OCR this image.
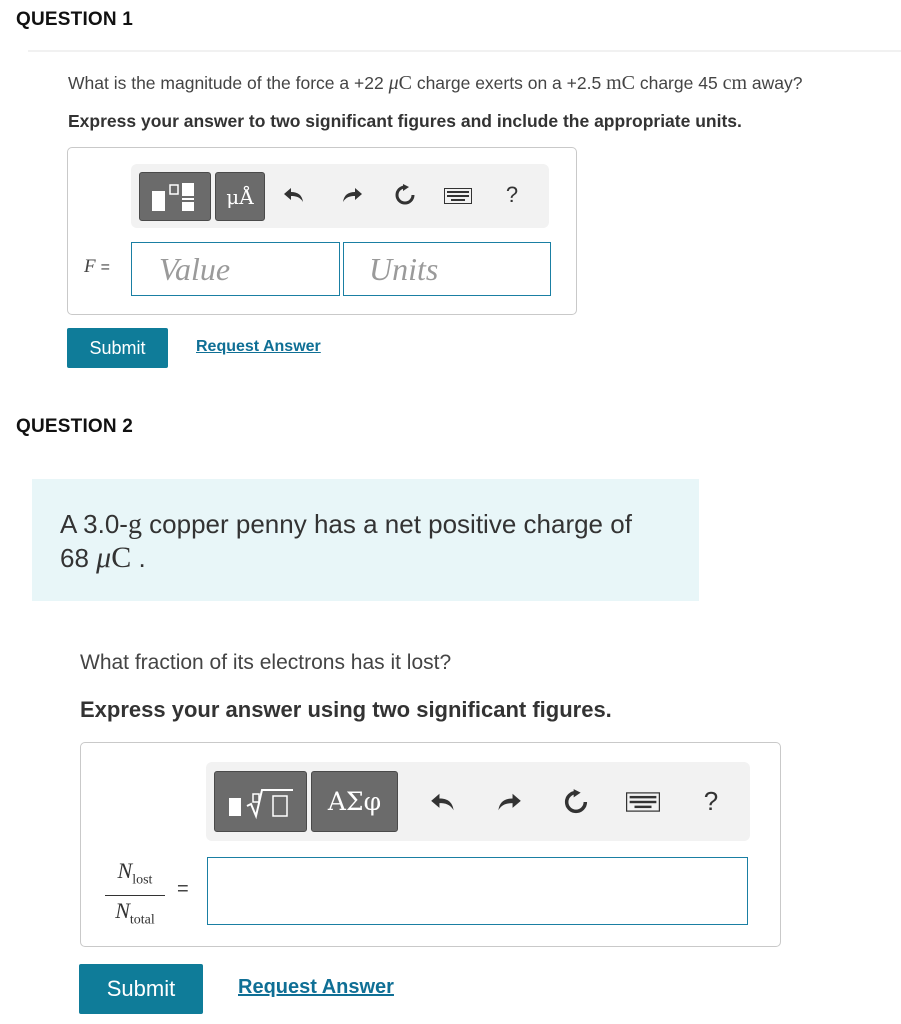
QUESTION 1
What is the magnitude of the force a +22 μC charge exerts on a +2.5 mC charge 45 cm away?
Express your answer to two significant figures and include the appropriate units.
μÅ	?
F =	Value	Units
Submit	Request Answer
QUESTION 2
A 3.0-g copper penny has a net positive charge of
68 μC .
What fraction of its electrons has it lost?
Express your answer using two significant figures.
ΑΣφ	?
$N_{lost}$
$N_{total}$
=
Submit	Request Answer
